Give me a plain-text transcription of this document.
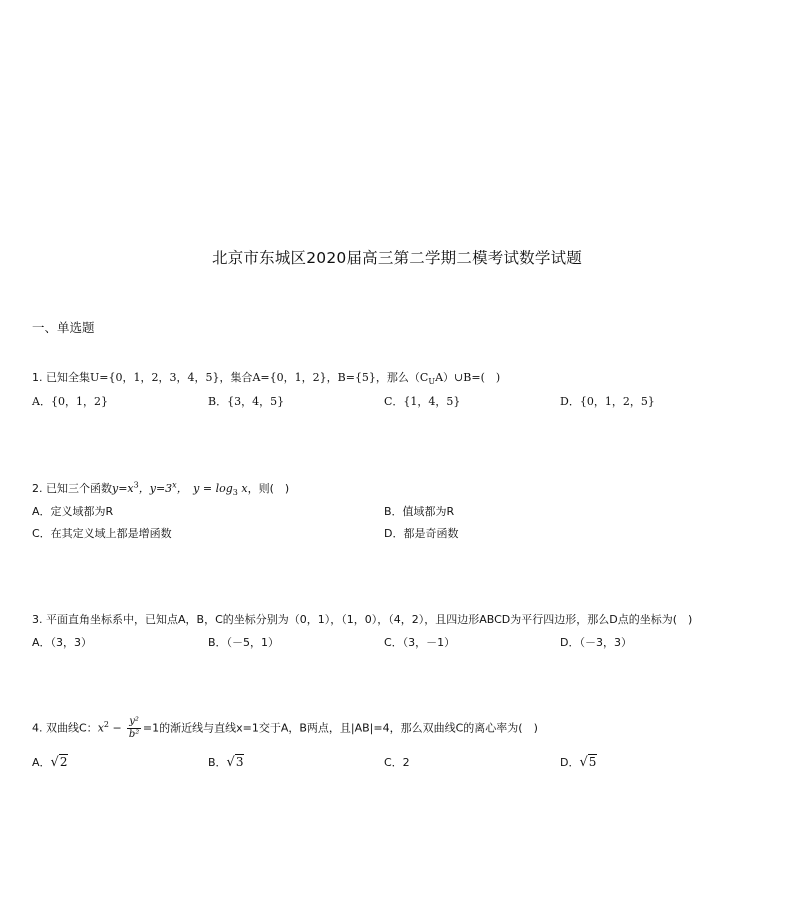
北京市东城区2020届高三第二学期二模考试数学试题
一、单选题
1. 已知全集U={0，1，2，3，4，5}，集合A={0，1，2}，B={5}，那么$(C_UA)\cup B=$(　)
A．{0，1，2}	B．{3，4，5}	C．{1，4，5}	D．{0，1，2，5}
2. 已知三个函数$y=x^3$，$y=3^x$，　$y = \log_3 x$，则(　)
A．定义域都为R	B．值域都为R
C．在其定义域上都是增函数	D．都是奇函数
3. 平面直角坐标系中，已知点A，B，C的坐标分别为（0，1），（1，0），（4，2），且四边形ABCD为平行四边形，那么D点的坐标为(　)
A．（3，3）	B．（－5，1）	C．（3，－1）	D．（－3，3）
4. 双曲线C：$x^2 - \frac{\text{y²}}{\text{b²}} =1$的渐近线与直线x=1交于A，B两点，且|AB|=4，那么双曲线C的离心率为(　)
A．√2	B．√3	C．2	D．√5
